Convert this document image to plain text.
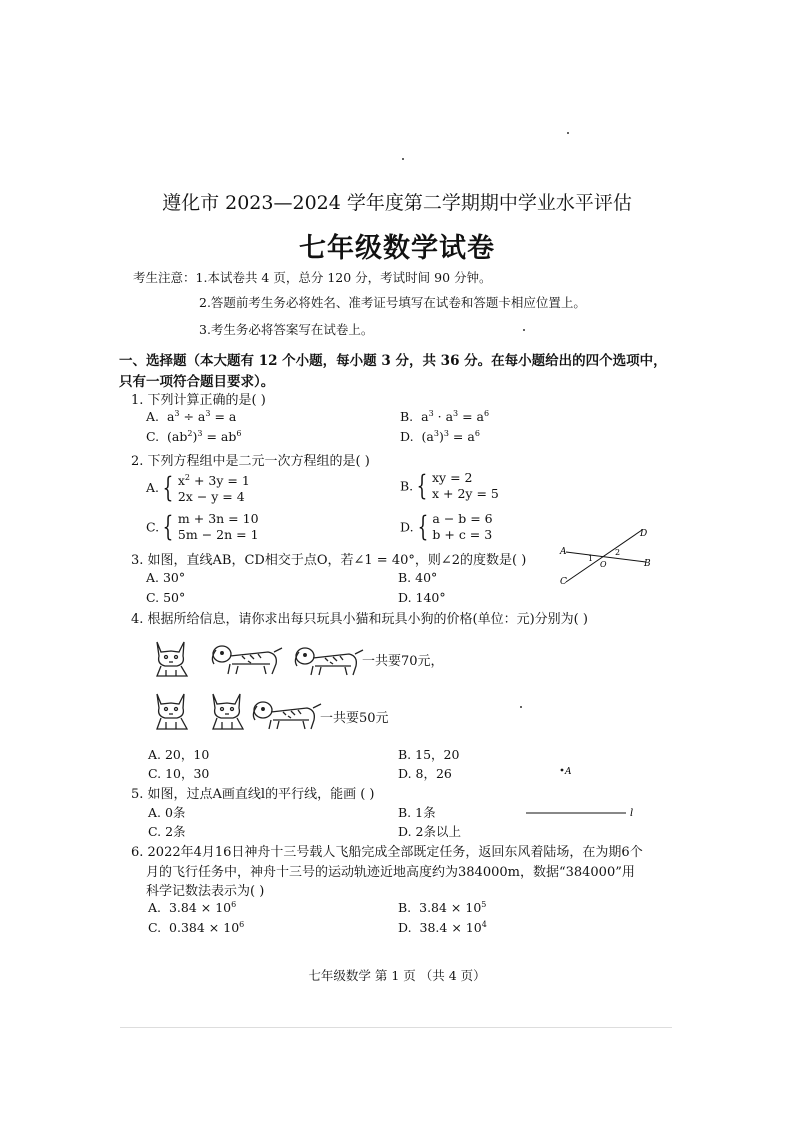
遵化市 2023—2024 学年度第二学期期中学业水平评估
七年级数学试卷
考生注意：1.本试卷共 4 页，总分 120 分，考试时间 90 分钟。
2.答题前考生务必将姓名、准考证号填写在试卷和答题卡相应位置上。
3.考生务必将答案写在试卷上。
一、选择题（本大题有 12 个小题，每小题 3 分，共 36 分。在每小题给出的四个选项中，
只有一项符合题目要求）。
1. 下列计算正确的是( )
A. $a^3 \div a^3 = a$	B. $a^3 \cdot a^3 = a^6$
C. $(ab^2)^3 = ab^6$	D. $(a^3)^3 = a^6$
2. 下列方程组中是二元一次方程组的是( )
A. { $x^2 + 3y = 1$
2x − y = 4
B. { xy = 2
x + 2y = 5
C. { m + 3n = 10
5m − 2n = 1	D. { a − b = 6
b + c = 3
3. 如图，直线AB，CD相交于点O，若∠1 = 40°，则∠2的度数是( )
A. 30°	B. 40°
C. 50°	D. 140°
A
B
C
D
O
1
2
4. 根据所给信息，请你求出每只玩具小猫和玩具小狗的价格(单位：元)分别为( )
一共要70元，
一共要50元
A. 20，10	B. 15，20
C. 10，30	D. 8，26
5. 如图，过点A画直线l的平行线，能画 ( )
A. 0条	B. 1条
C. 2条	D. 2条以上
A
l
6. 2022年4月16日神舟十三号载人飞船完成全部既定任务，返回东风着陆场，在为期6个
月的飞行任务中，神舟十三号的运动轨迹近地高度约为384000m，数据“384000”用
科学记数法表示为( )
A. $3.84 \times 10^6$	B. $3.84 \times 10^5$
C. $0.384 \times 10^6$	D. $38.4 \times 10^4$
七年级数学 第 1 页 （共 4 页）
